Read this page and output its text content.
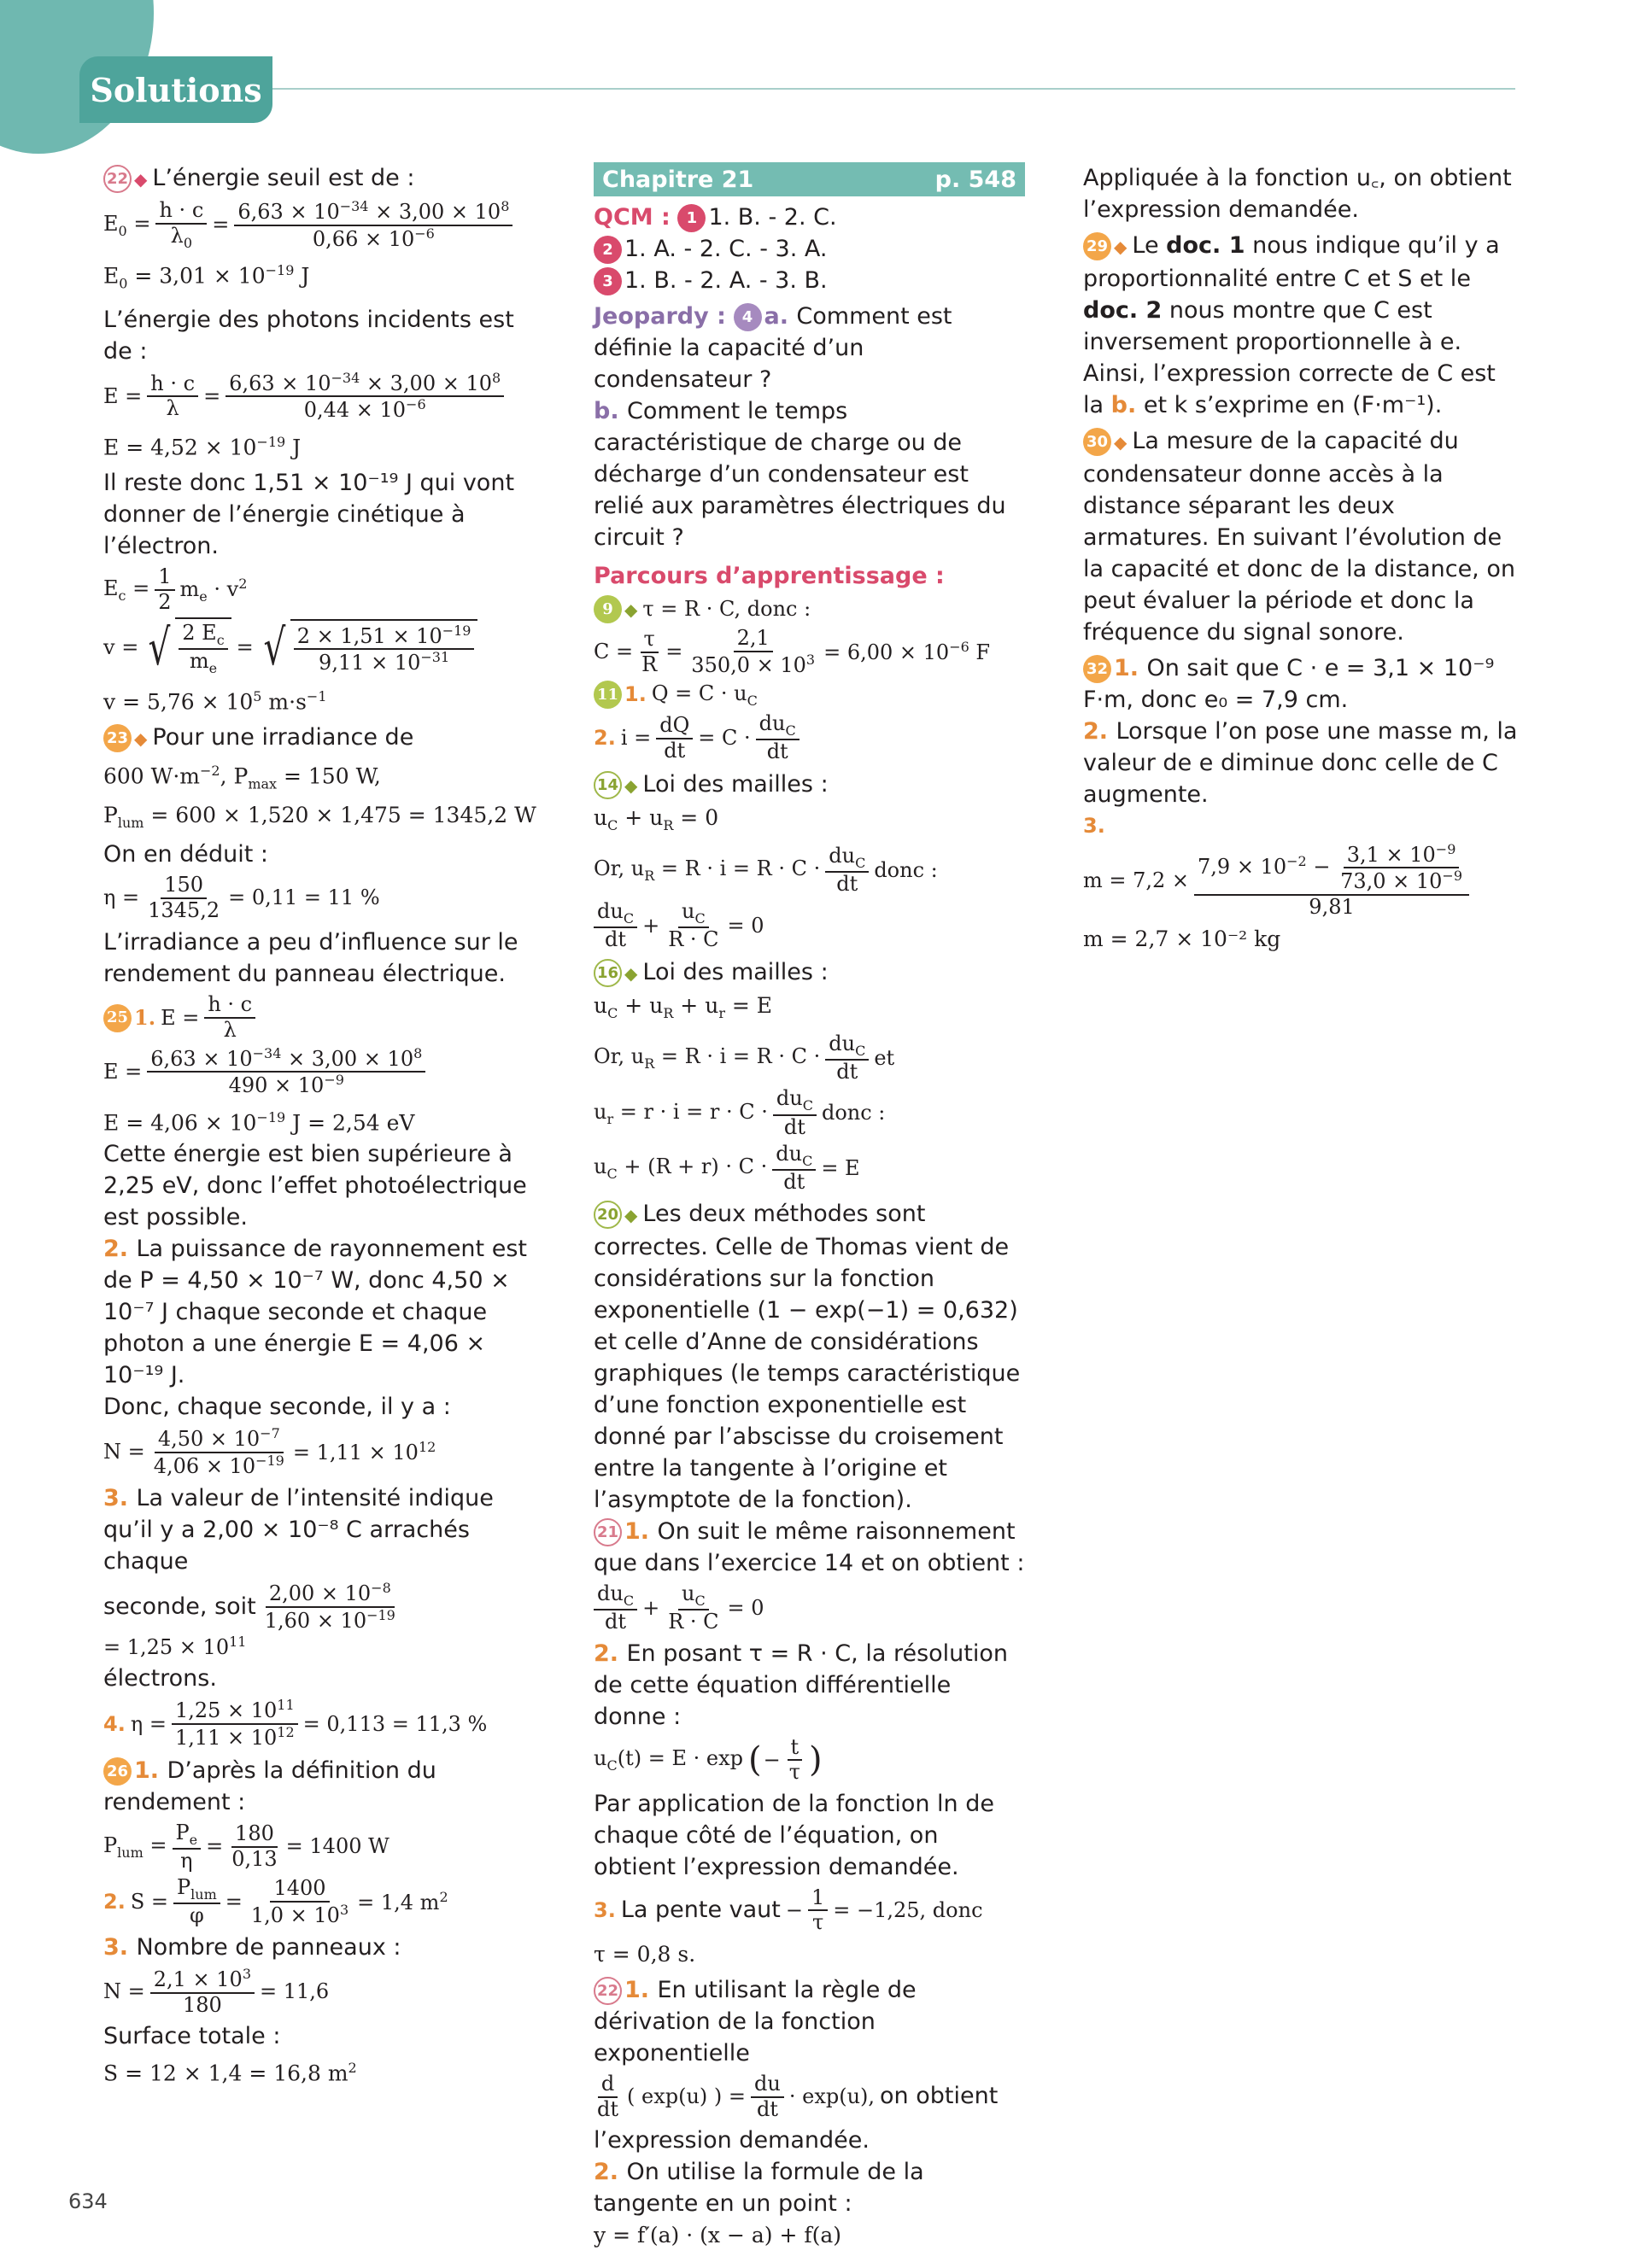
Solutions

22 ◆ L’énergie seuil est de :

$E_0 = \frac{h \cdot c}{\lambda_0} = \frac{6,63 \times 10^{-34} \times 3,00 \times 10^8}{0,66 \times 10^{-6}}$

$E_0 = 3,01 \times 10^{-19}$ J

L’énergie des photons incidents est de :

$E = \frac{h \cdot c}{\lambda} = \frac{6,63 \times 10^{-34} \times 3,00 \times 10^8}{0,44 \times 10^{-6}}$

$E = 4,52 \times 10^{-19}$ J

Il reste donc 1,51 × 10⁻¹⁹ J qui vont donner de l’énergie cinétique à l’électron.

$E_c = \frac{1}{2} m_e \cdot v^2$
v = √ $\frac{2 E_c}{m_e}$ = √ $\frac{2 \times 1,51 \times 10^{-19}}{9,11 \times 10^{-31}}$

$v = 5,76 \times 10^5$ $m\cdot s^{-1}$

23 ◆ Pour une irradiance de

600 $W\cdot m^{-2}$, $P_{max} = 150$ W,

$P_{lum} = 600 \times 1,520 \times 1,475 = 1345,2$ W

On en déduit :

$\eta = \frac{150}{1345,2} = 0,11 = 11$ %

L’irradiance a peu d’influence sur le rendement du panneau électrique.

25 1. $E = \frac{h \cdot c}{\lambda}$
$E = \frac{6,63 \times 10^{-34} \times 3,00 \times 10^8}{490 \times 10^{-9}}$

$E = 4,06 \times 10^{-19}$ J = 2,54 eV

Cette énergie est bien supérieure à 2,25 eV, donc l’effet photoélectrique est possible.

2. La puissance de rayonnement est de P = 4,50 × 10⁻⁷ W, donc 4,50 × 10⁻⁷ J chaque seconde et chaque photon a une énergie E = 4,06 × 10⁻¹⁹ J.

Donc, chaque seconde, il y a :

$N = \frac{4,50 \times 10^{-7}}{4,06 \times 10^{-19}} = 1,11 \times 10^{12}$

3. La valeur de l’intensité indique qu’il y a 2,00 × 10⁻⁸ C arrachés chaque

seconde, soit $\frac{2,00 \times 10^{-8}}{1,60 \times 10^{-19}}$
= $1,25 \times 10^{11}$

électrons.

4. $\eta = \frac{1,25 \times 10^{11}}{1,11 \times 10^{12}} = 0,113 = 11,3$ %

26 1. D’après la définition du rendement :

$P_{lum} = \frac{P_e}{\eta} = \frac{180}{0,13} = 1400$ W
2. S =
$P_{lum}$
φ
= $\frac{1400}{1,0 \times 10^3} = 1,4$ $m^2$

3. Nombre de panneaux :

$N = \frac{2,1 \times 10^3}{180} = 11,6$

Surface totale :

S = 12 × 1,4 = 16,8 $m^2$

Chapitre 21	p. 548

QCM : 1 1. B. - 2. C.

2 1. A. - 2. C. - 3. A.

3 1. B. - 2. A. - 3. B.

Jeopardy : 4 a. Comment est définie la capacité d’un condensateur ?

b. Comment le temps caractéristique de charge ou de décharge d’un condensateur est relié aux paramètres électriques du circuit ?

Parcours d’apprentissage :

9 ◆ τ = R · C, donc :
$C = \frac{\tau}{R} = \frac{2,1}{350,0 \times 10^3} = 6,00 \times 10^{-6}$ F
11 1. $Q = C \cdot u_C$
2. $i = \frac{dQ}{dt} = C$ ·
$du_C$
dt

14 ◆ Loi des mailles :

$u_C + u_R = 0$

Or, $u_R = R \cdot i = R \cdot C$ ·
$du_C$
dt
donc :
$du_C$
dt
+ $\frac{u_C}{R \cdot C} = 0$

16 ◆ Loi des mailles :

$u_C + u_R + u_r = E$

Or, $u_R = R \cdot i = R \cdot C$ ·
$du_C$
dt
et
$u_r = r \cdot i = r \cdot C$ ·
$du_C$
dt
donc :
$u_C + (R + r) \cdot C$ ·
$du_C$
dt
= E

20 ◆ Les deux méthodes sont correctes. Celle de Thomas vient de considérations sur la fonction exponentielle (1 − exp(−1) = 0,632) et celle d’Anne de considérations graphiques (le temps caractéristique d’une fonction exponentielle est donné par l’abscisse du croisement entre la tangente à l’origine et l’asymptote de la fonction).

21 1. On suit le même raisonnement que dans l’exercice 14 et on obtient :

$du_C$
dt
+ $\frac{u_C}{R \cdot C} = 0$

2. En posant τ = R · C, la résolution de cette équation différentielle donne :

$u_C(t) = E \cdot \exp$ ( − $\frac{t}{\tau}$ )

Par application de la fonction ln de chaque côté de l’équation, on obtient l’expression demandée.

3. La pente vaut − $\frac{1}{\tau} = -1,25$, donc

τ = 0,8 s.

22 1. En utilisant la règle de dérivation de la fonction exponentielle

d
dt
( exp(u) ) = $\frac{du}{dt} \cdot \exp(u)$, on obtient

l’expression demandée.

2. On utilise la formule de la tangente en un point :

y = f′(a) · (x − a) + f(a)

Appliquée à la fonction u꜀, on obtient l’expression demandée.

29 ◆ Le doc. 1 nous indique qu’il y a proportionnalité entre C et S et le doc. 2 nous montre que C est inversement proportionnelle à e. Ainsi, l’expression correcte de C est la b. et k s’exprime en (F·m⁻¹).

30 ◆ La mesure de la capacité du condensateur donne accès à la distance séparant les deux armatures. En suivant l’évolution de la capacité et donc de la distance, on peut évaluer la période et donc la fréquence du signal sonore.

32 1. On sait que C · e = 3,1 × 10⁻⁹ F·m, donc e₀ = 7,9 cm.

2. Lorsque l’on pose une masse m, la valeur de e diminue donc celle de C augmente.

3.
$m = 7,2 \times \frac{7,9 \times 10^{-2} - \frac{3,1 \times 10^{-9}}{73,0 \times 10^{-9}}}{9,81}$

m = 2,7 × 10⁻² kg

634
